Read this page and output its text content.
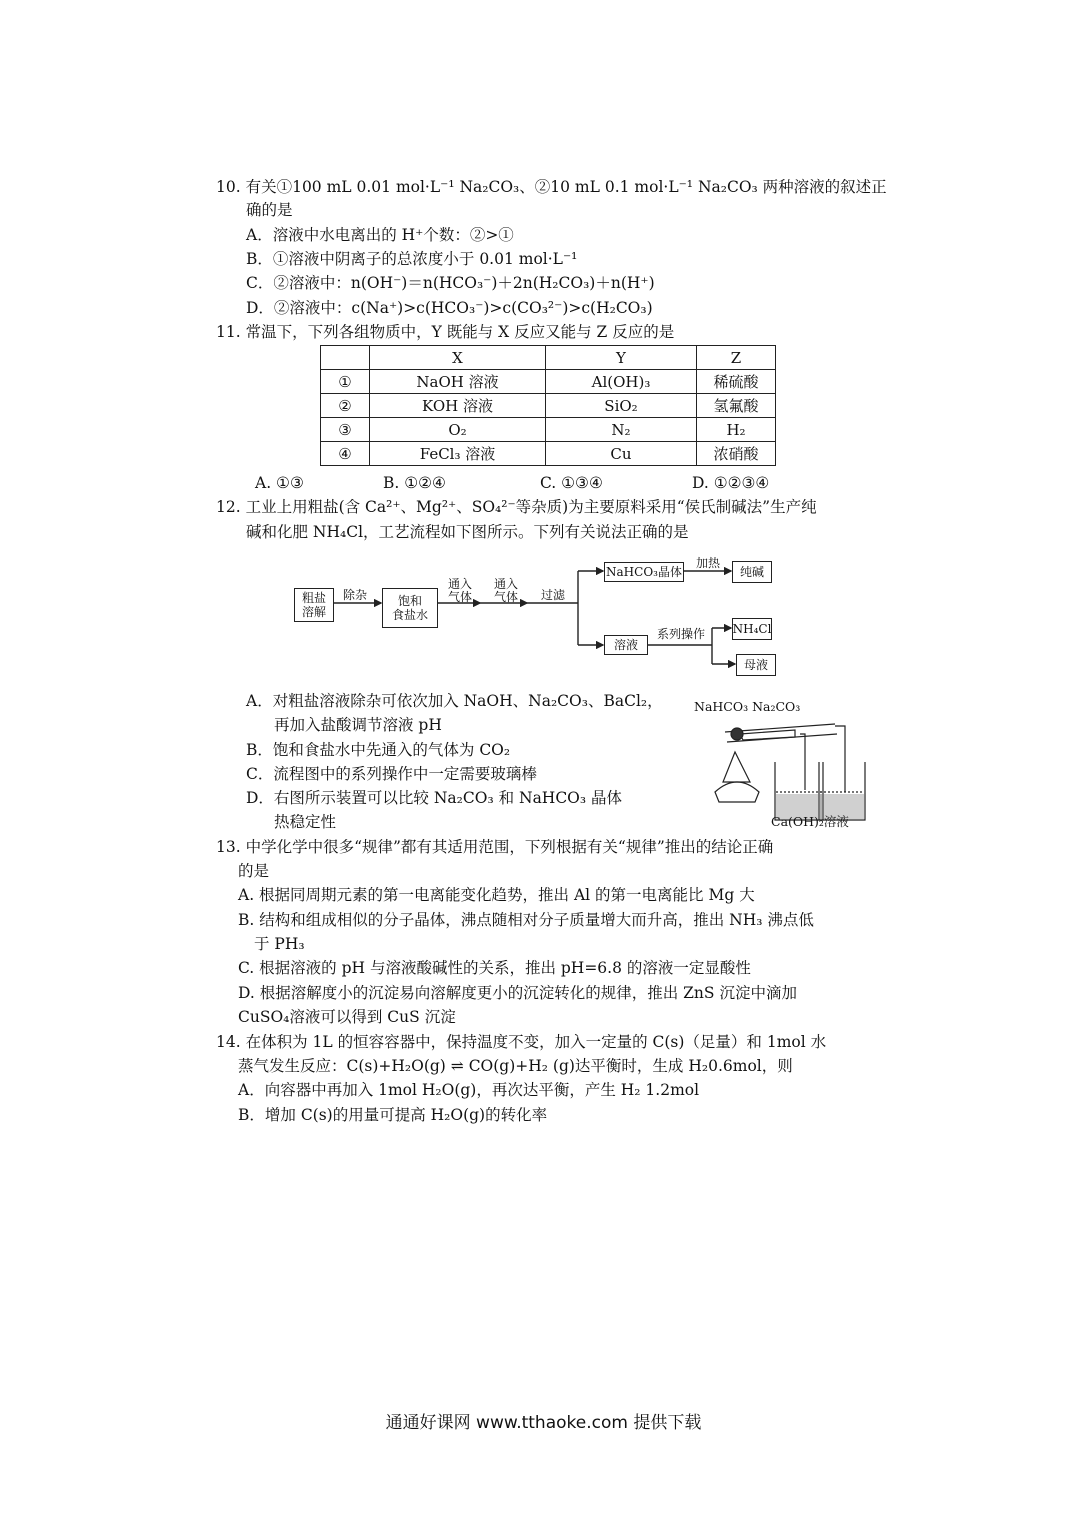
10. 有关①100 mL 0.01 mol·L⁻¹ Na₂CO₃、②10 mL 0.1 mol·L⁻¹ Na₂CO₃ 两种溶液的叙述正
确的是
A．溶液中水电离出的 H⁺个数：②>①
B．①溶液中阴离子的总浓度小于 0.01 mol·L⁻¹
C．②溶液中：n(OH⁻)＝n(HCO₃⁻)＋2n(H₂CO₃)＋n(H⁺)
D．②溶液中：c(Na⁺)>c(HCO₃⁻)>c(CO₃²⁻)>c(H₂CO₃)
11. 常温下，下列各组物质中，Y 既能与 X 反应又能与 Z 反应的是
	X	Y	Z
①	NaOH 溶液	Al(OH)₃	稀硫酸
②	KOH 溶液	SiO₂	氢氟酸
③	O₂	N₂	H₂
④	FeCl₃ 溶液	Cu	浓硝酸
A. ①③	B. ①②④	C. ①③④	D. ①②③④
12. 工业上用粗盐(含 Ca²⁺、Mg²⁺、SO₄²⁻等杂质)为主要原料采用“侯氏制碱法”生产纯
碱和化肥 NH₄Cl，工艺流程如下图所示。下列有关说法正确的是
粗盐
溶解
除杂	饱和
食盐水
通入
气体
通入
气体	过滤
NaHCO₃晶体
加热
纯碱
溶液
系列操作	NH₄Cl
母液
A．对粗盐溶液除杂可依次加入 NaOH、Na₂CO₃、BaCl₂，
再加入盐酸调节溶液 pH
B．饱和食盐水中先通入的气体为 CO₂
C．流程图中的系列操作中一定需要玻璃棒
D．右图所示装置可以比较 Na₂CO₃ 和 NaHCO₃ 晶体
热稳定性
NaHCO₃ Na₂CO₃
Ca(OH)₂溶液
13. 中学化学中很多“规律”都有其适用范围，下列根据有关“规律”推出的结论正确
的是
A. 根据同周期元素的第一电离能变化趋势，推出 Al 的第一电离能比 Mg 大
B. 结构和组成相似的分子晶体，沸点随相对分子质量增大而升高，推出 NH₃ 沸点低
于 PH₃
C. 根据溶液的 pH 与溶液酸碱性的关系，推出 pH=6.8 的溶液一定显酸性
D. 根据溶解度小的沉淀易向溶解度更小的沉淀转化的规律，推出 ZnS 沉淀中滴加
CuSO₄溶液可以得到 CuS 沉淀
14. 在体积为 1L 的恒容容器中，保持温度不变，加入一定量的 C(s)（足量）和 1mol 水
蒸气发生反应：C(s)+H₂O(g) ⇌ CO(g)+H₂ (g)达平衡时，生成 H₂0.6mol，则
A．向容器中再加入 1mol H₂O(g)，再次达平衡，产生 H₂ 1.2mol
B．增加 C(s)的用量可提高 H₂O(g)的转化率
通通好课网 www.tthaoke.com 提供下载
